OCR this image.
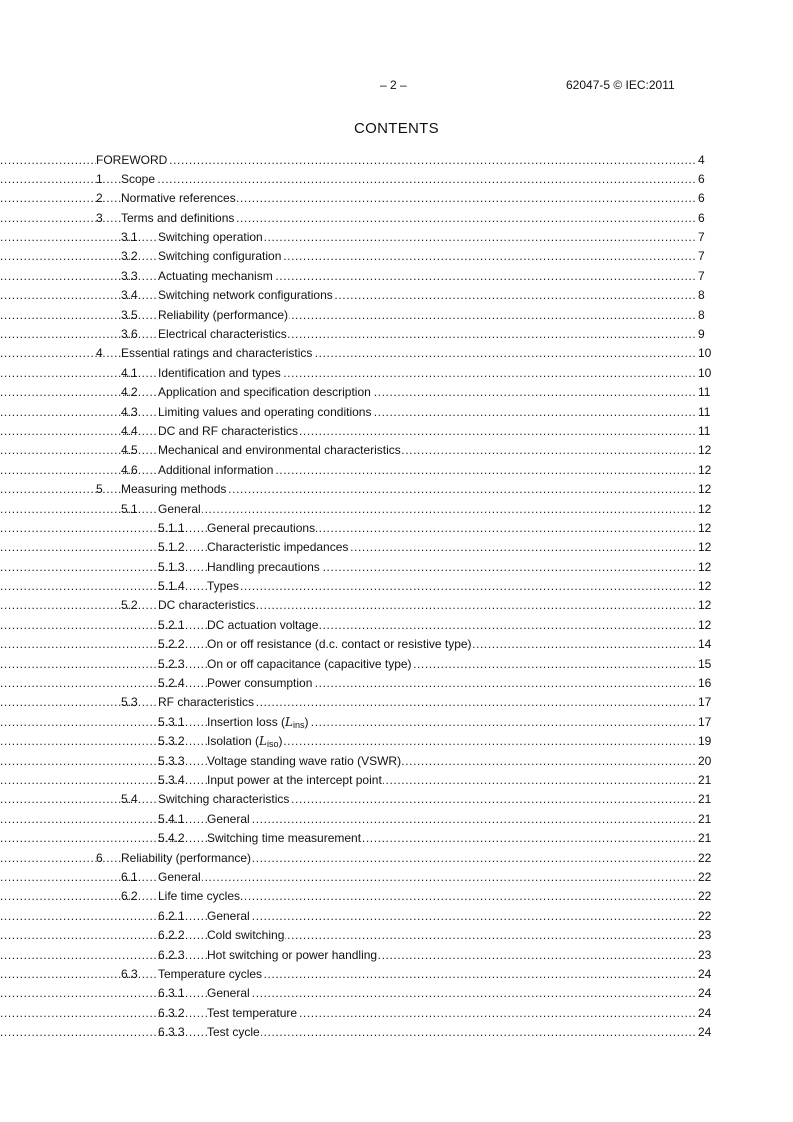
– 2 –	62047-5 © IEC:2011
CONTENTS
FOREWORD .....	4
1	Scope .....	6
2	Normative references .....	6
3	Terms and definitions .....	6
3.1	Switching operation .....	7
3.2	Switching configuration .....	7
3.3	Actuating mechanism .....	7
3.4	Switching network configurations .....	8
3.5	Reliability (performance) .....	8
3.6	Electrical characteristics .....	9
4	Essential ratings and characteristics .....	10
4.1	Identification and types .....	10
4.2	Application and specification description .....	11
4.3	Limiting values and operating conditions .....	11
4.4	DC and RF characteristics .....	11
4.5	Mechanical and environmental characteristics .....	12
4.6	Additional information .....	12
5	Measuring methods .....	12
5.1	General .....	12
5.1.1	General precautions .....	12
5.1.2	Characteristic impedances .....	12
5.1.3	Handling precautions .....	12
5.1.4	Types .....	12
5.2	DC characteristics .....	12
5.2.1	DC actuation voltage .....	12
5.2.2	On or off resistance (d.c. contact or resistive type) .....	14
5.2.3	On or off capacitance (capacitive type) .....	15
5.2.4	Power consumption .....	16
5.3	RF characteristics .....	17
5.3.1	Insertion loss $(L_{ins})$ .....	17
5.3.2	Isolation $(L_{iso})$ .....	19
5.3.3	Voltage standing wave ratio (VSWR) .....	20
5.3.4	Input power at the intercept point .....	21
5.4	Switching characteristics .....	21
5.4.1	General .....	21
5.4.2	Switching time measurement .....	21
6	Reliability (performance) .....	22
6.1	General .....	22
6.2	Life time cycles .....	22
6.2.1	General .....	22
6.2.2	Cold switching .....	23
6.2.3	Hot switching or power handling .....	23
6.3	Temperature cycles .....	24
6.3.1	General .....	24
6.3.2	Test temperature .....	24
6.3.3	Test cycle .....	24
